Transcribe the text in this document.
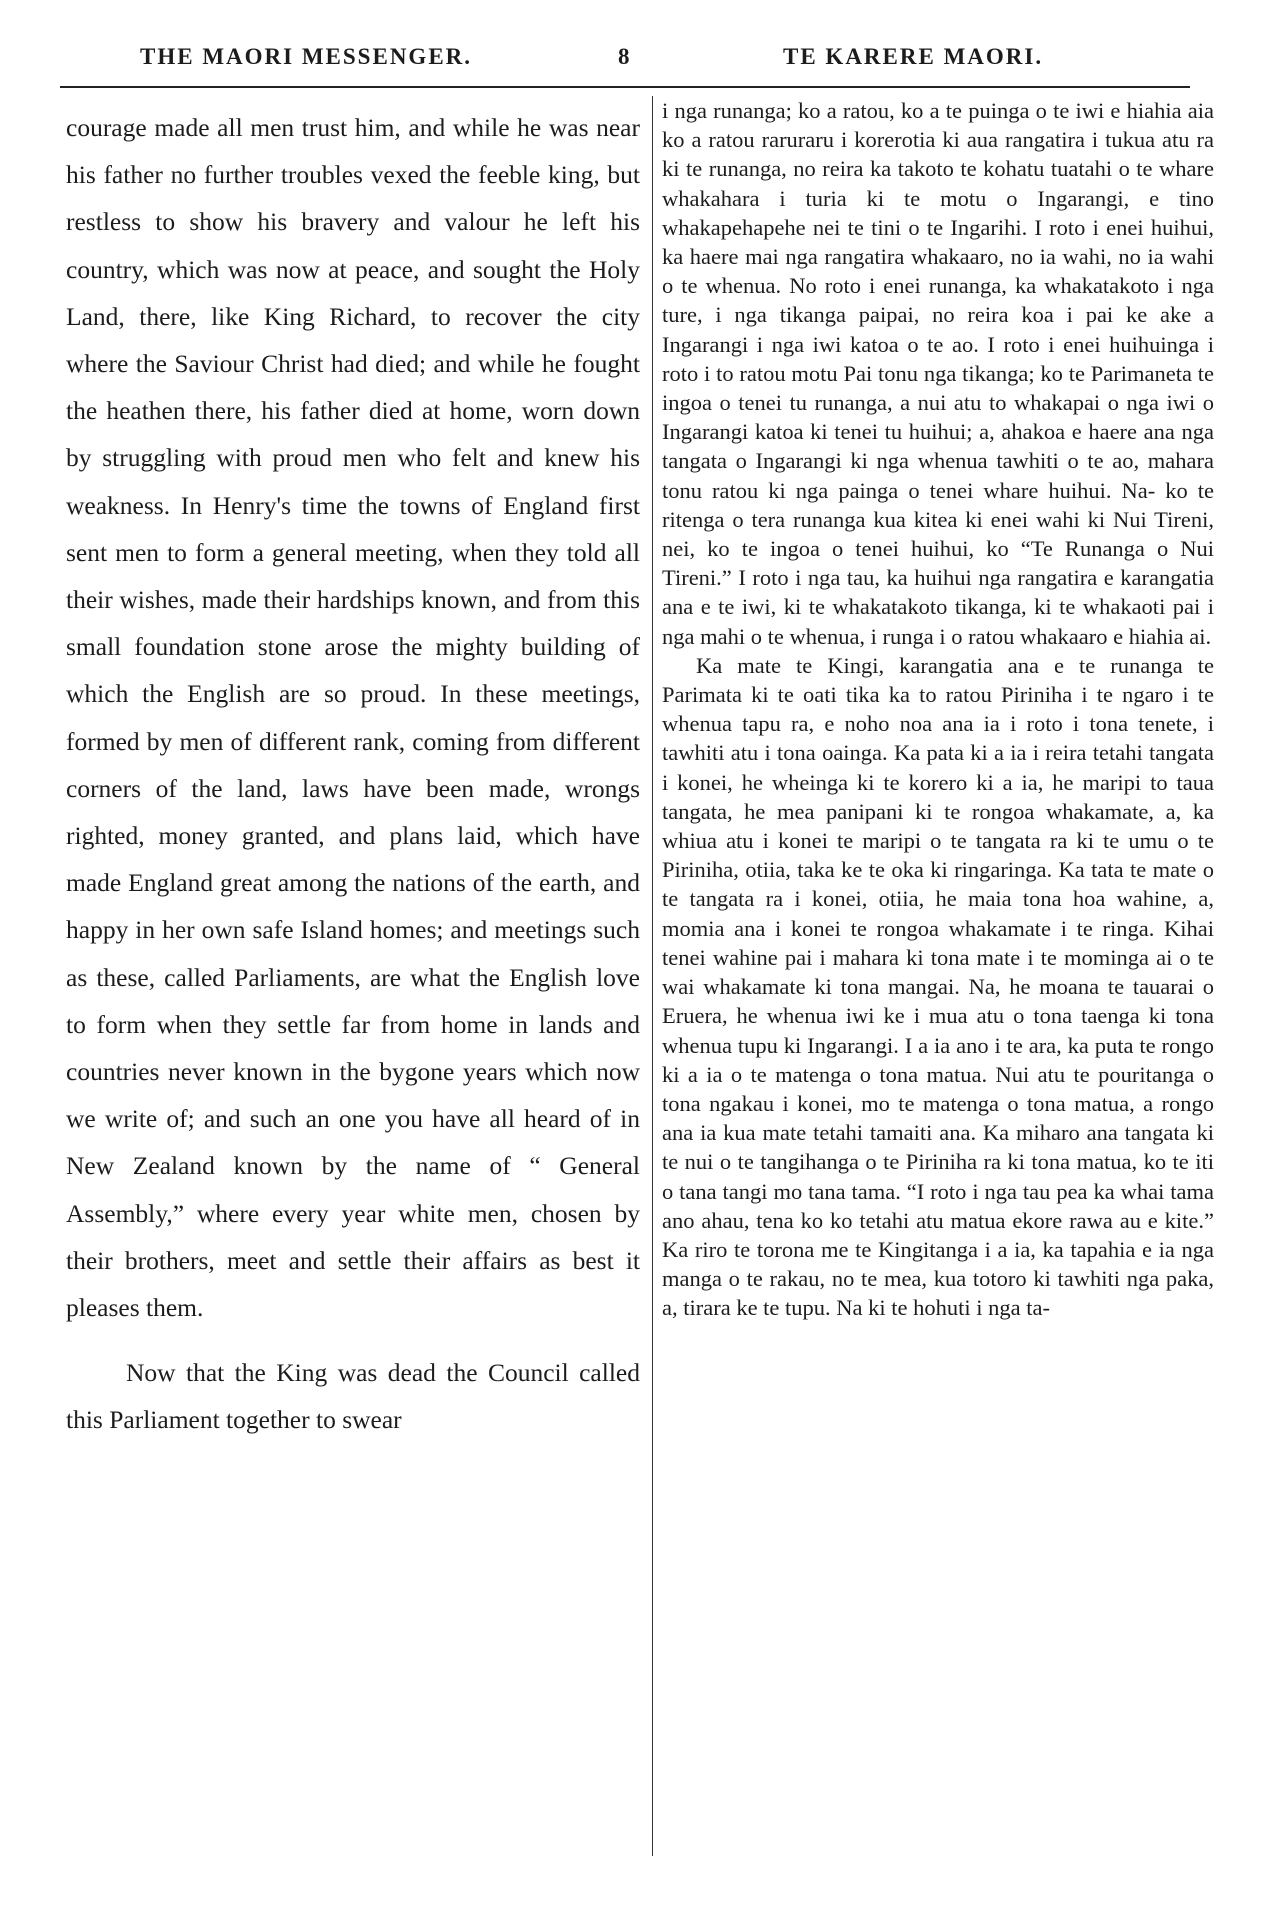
THE MAORI MESSENGER.	8	TE KARERE MAORI.

courage made all men trust him, and while he was near his father no further troubles vexed the feeble king, but restless to show his bravery and valour he left his country, which was now at peace, and sought the Holy Land, there, like King Richard, to recover the city where the Saviour Christ had died; and while he fought the heathen there, his father died at home, worn down by struggling with proud men who felt and knew his weakness. In Henry's time the towns of England first sent men to form a general meeting, when they told all their wishes, made their hardships known, and from this small foundation stone arose the mighty building of which the English are so proud. In these meetings, formed by men of different rank, coming from different corners of the land, laws have been made, wrongs righted, money granted, and plans laid, which have made England great among the nations of the earth, and happy in her own safe Island homes; and meetings such as these, called Parliaments, are what the English love to form when they settle far from home in lands and countries never known in the bygone years which now we write of; and such an one you have all heard of in New Zealand known by the name of “ General Assembly,” where every year white men, chosen by their brothers, meet and settle their affairs as best it pleases them.

Now that the King was dead the Council called this Parliament together to swear

i nga runanga; ko a ratou, ko a te puinga o te iwi e hiahia aia ko a ratou raruraru i korerotia ki aua rangatira i tukua atu ra ki te runanga, no reira ka takoto te kohatu tuatahi o te whare whakahara i turia ki te motu o Ingarangi, e tino whakapehapehe nei te tini o te Ingarihi. I roto i enei huihui, ka haere mai nga rangatira whakaaro, no ia wahi, no ia wahi o te whenua. No roto i enei runanga, ka whakatakoto i nga ture, i nga tikanga paipai, no reira koa i pai ke ake a Ingarangi i nga iwi katoa o te ao. I roto i enei huihuinga i roto i to ratou motu Pai tonu nga tikanga; ko te Parimaneta te ingoa o tenei tu runanga, a nui atu to whakapai o nga iwi o Ingarangi katoa ki tenei tu huihui; a, ahakoa e haere ana nga tangata o Ingarangi ki nga whenua tawhiti o te ao, mahara tonu ratou ki nga painga o tenei whare huihui. Na- ko te ritenga o tera runanga kua kitea ki enei wahi ki Nui Tireni, nei, ko te ingoa o tenei huihui, ko “Te Runanga o Nui Tireni.” I roto i nga tau, ka huihui nga rangatira e karangatia ana e te iwi, ki te whakatakoto tikanga, ki te whakaoti pai i nga mahi o te whenua, i runga i o ratou whakaaro e hiahia ai.

Ka mate te Kingi, karangatia ana e te runanga te Parimata ki te oati tika ka to ratou Piriniha i te ngaro i te whenua tapu ra, e noho noa ana ia i roto i tona tenete, i tawhiti atu i tona oainga. Ka pata ki a ia i reira tetahi tangata i konei, he wheinga ki te korero ki a ia, he maripi to taua tangata, he mea panipani ki te rongoa whakamate, a, ka whiua atu i konei te maripi o te tangata ra ki te umu o te Piriniha, otiia, taka ke te oka ki ringaringa. Ka tata te mate o te tangata ra i konei, otiia, he maia tona hoa wahine, a, momia ana i konei te rongoa whakamate i te ringa. Kihai tenei wahine pai i mahara ki tona mate i te mominga ai o te wai whakamate ki tona mangai. Na, he moana te tauarai o Eruera, he whenua iwi ke i mua atu o tona taenga ki tona whenua tupu ki Ingarangi. I a ia ano i te ara, ka puta te rongo ki a ia o te matenga o tona matua. Nui atu te pouritanga o tona ngakau i konei, mo te matenga o tona matua, a rongo ana ia kua mate tetahi tamaiti ana. Ka miharo ana tangata ki te nui o te tangihanga o te Piriniha ra ki tona matua, ko te iti o tana tangi mo tana tama. “I roto i nga tau pea ka whai tama ano ahau, tena ko ko tetahi atu matua ekore rawa au e kite.” Ka riro te torona me te Kingitanga i a ia, ka tapahia e ia nga manga o te rakau, no te mea, kua totoro ki tawhiti nga paka, a, tirara ke te tupu. Na ki te hohuti i nga ta-
